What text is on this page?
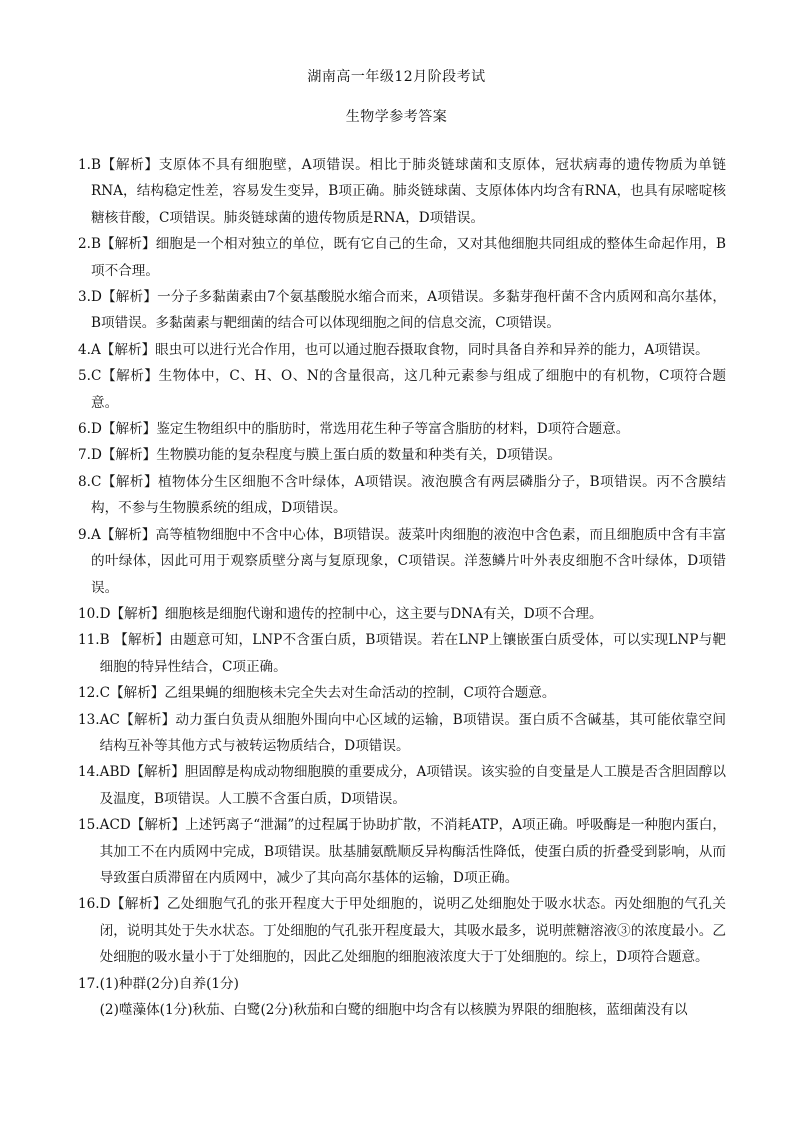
湖南高一年级12月阶段考试
生物学参考答案
1. B【解析】支原体不具有细胞壁，A项错误。相比于肺炎链球菌和支原体，冠状病毒的遗传物质为单链RNA，结构稳定性差，容易发生变异，B项正确。肺炎链球菌、支原体体内均含有RNA，也具有尿嘧啶核糖核苷酸，C项错误。肺炎链球菌的遗传物质是RNA，D项错误。
2. B【解析】细胞是一个相对独立的单位，既有它自己的生命，又对其他细胞共同组成的整体生命起作用，B项不合理。
3. D【解析】一分子多黏菌素由7个氨基酸脱水缩合而来，A项错误。多黏芽孢杆菌不含内质网和高尔基体，B项错误。多黏菌素与靶细菌的结合可以体现细胞之间的信息交流，C项错误。
4. A【解析】眼虫可以进行光合作用，也可以通过胞吞摄取食物，同时具备自养和异养的能力，A项错误。
5. C【解析】生物体中，C、H、O、N的含量很高，这几种元素参与组成了细胞中的有机物，C项符合题意。
6. D【解析】鉴定生物组织中的脂肪时，常选用花生种子等富含脂肪的材料，D项符合题意。
7. D【解析】生物膜功能的复杂程度与膜上蛋白质的数量和种类有关，D项错误。
8. C【解析】植物体分生区细胞不含叶绿体，A项错误。液泡膜含有两层磷脂分子，B项错误。丙不含膜结构，不参与生物膜系统的组成，D项错误。
9. A【解析】高等植物细胞中不含中心体，B项错误。菠菜叶肉细胞的液泡中含色素，而且细胞质中含有丰富的叶绿体，因此可用于观察质壁分离与复原现象，C项错误。洋葱鳞片叶外表皮细胞不含叶绿体，D项错误。
10. D【解析】细胞核是细胞代谢和遗传的控制中心，这主要与DNA有关，D项不合理。
11. B 【解析】由题意可知，LNP不含蛋白质，B项错误。若在LNP上镶嵌蛋白质受体，可以实现LNP与靶细胞的特异性结合，C项正确。
12. C【解析】乙组果蝇的细胞核未完全失去对生命活动的控制，C项符合题意。
13. AC【解析】动力蛋白负责从细胞外围向中心区域的运输，B项错误。蛋白质不含碱基，其可能依靠空间结构互补等其他方式与被转运物质结合，D项错误。
14. ABD【解析】胆固醇是构成动物细胞膜的重要成分，A项错误。该实验的自变量是人工膜是否含胆固醇以及温度，B项错误。人工膜不含蛋白质，D项错误。
15. ACD【解析】上述钙离子“泄漏”的过程属于协助扩散，不消耗ATP，A项正确。呼吸酶是一种胞内蛋白，其加工不在内质网中完成，B项错误。肽基脯氨酰顺反异构酶活性降低，使蛋白质的折叠受到影响，从而导致蛋白质滞留在内质网中，减少了其向高尔基体的运输，D项正确。
16. D【解析】乙处细胞气孔的张开程度大于甲处细胞的，说明乙处细胞处于吸水状态。丙处细胞的气孔关闭，说明其处于失水状态。丁处细胞的气孔张开程度最大，其吸水最多，说明蔗糖溶液③的浓度最小。乙处细胞的吸水量小于丁处细胞的，因此乙处细胞的细胞液浓度大于丁处细胞的。综上，D项符合题意。
17. (1)种群(2分)自养(1分)
(2)噬藻体(1分)秋茄、白鹭(2分)秋茄和白鹭的细胞中均含有以核膜为界限的细胞核，蓝细菌没有以
